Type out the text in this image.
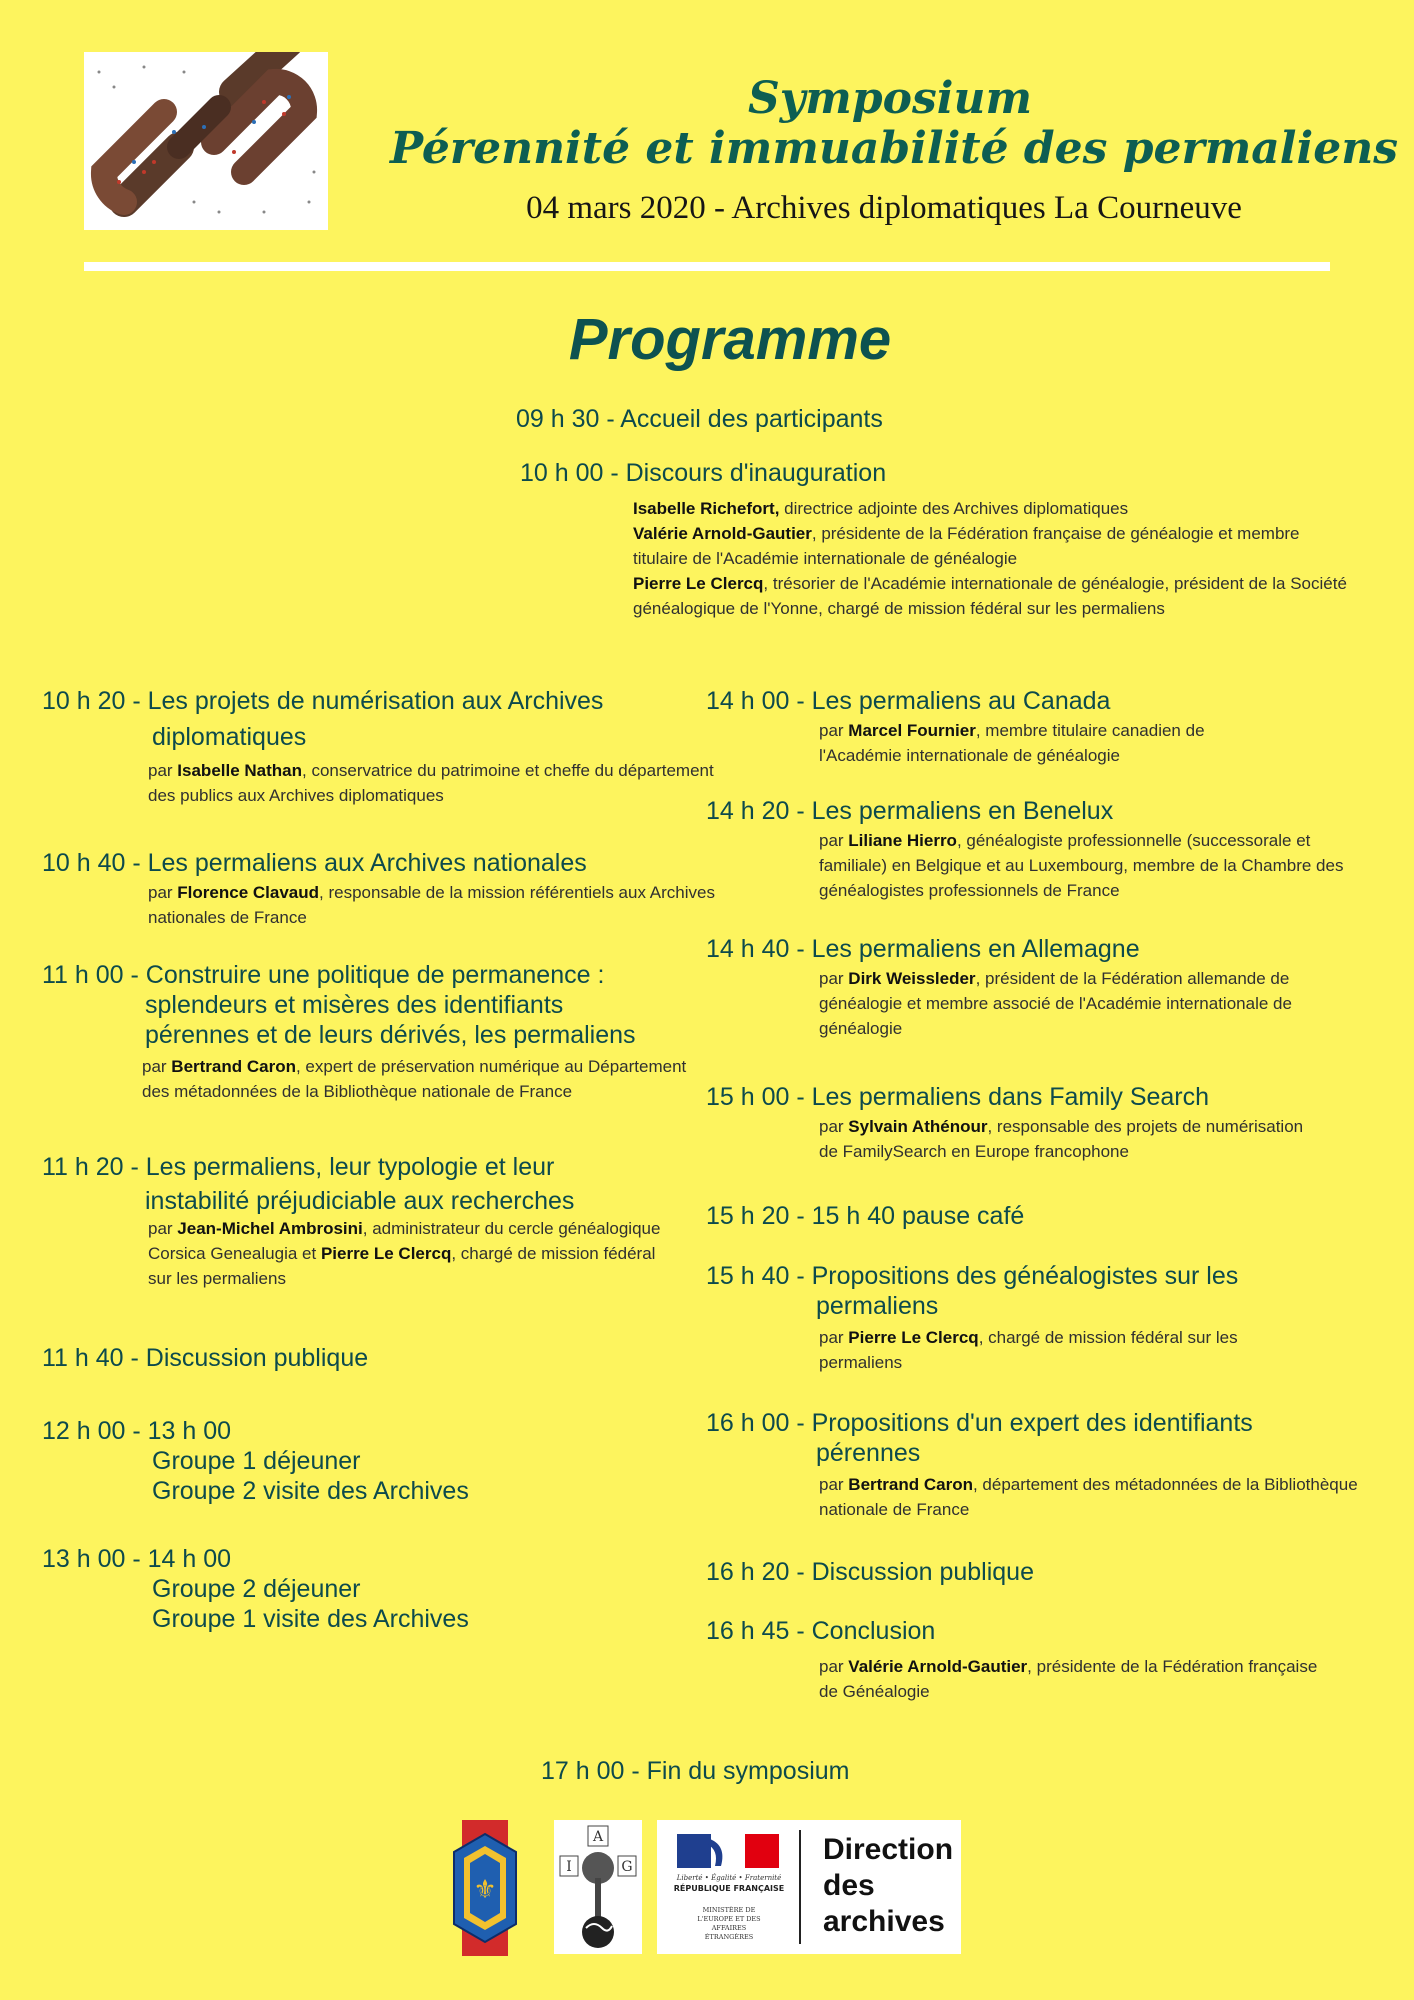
Symposium
Pérennité et immuabilité des permaliens
04 mars 2020 - Archives diplomatiques La Courneuve
Programme
09 h 30 - Accueil des participants
10 h 00 - Discours d'inauguration
Isabelle Richefort, directrice adjointe des Archives diplomatiques
Valérie Arnold-Gautier, présidente de la Fédération française de généalogie et membre titulaire de l'Académie internationale de généalogie
Pierre Le Clercq, trésorier de l'Académie internationale de généalogie, président de la Société généalogique de l'Yonne, chargé de mission fédéral sur les permaliens
10 h 20 - Les projets de numérisation aux Archives
diplomatiques
par Isabelle Nathan, conservatrice du patrimoine et cheffe du département des publics aux Archives diplomatiques
10 h 40 - Les permaliens aux Archives nationales
par Florence Clavaud, responsable de la mission référentiels aux Archives nationales de France
11 h 00 - Construire une politique de permanence :
splendeurs et misères des identifiants
pérennes et de leurs dérivés, les permaliens
par Bertrand Caron, expert de préservation numérique au Département des métadonnées de la Bibliothèque nationale de France
11 h 20 - Les permaliens, leur typologie et leur
instabilité préjudiciable aux recherches
par Jean-Michel Ambrosini, administrateur du cercle généalogique Corsica Genealugia et Pierre Le Clercq, chargé de mission fédéral sur les permaliens
11 h 40 - Discussion publique
12 h 00 - 13 h 00
Groupe 1 déjeuner
Groupe 2 visite des Archives
13 h 00 - 14 h 00
Groupe 2 déjeuner
Groupe 1 visite des Archives
14 h 00 - Les permaliens au Canada
par Marcel Fournier, membre titulaire canadien de l'Académie internationale de généalogie
14 h 20 - Les permaliens en Benelux
par Liliane Hierro, généalogiste professionnelle (successorale et familiale) en Belgique et au Luxembourg, membre de la Chambre des généalogistes professionnels de France
14 h 40 - Les permaliens en Allemagne
par Dirk Weissleder, président de la Fédération allemande de généalogie et membre associé de l'Académie internationale de généalogie
15 h 00 - Les permaliens dans Family Search
par Sylvain Athénour, responsable des projets de numérisation de FamilySearch en Europe francophone
15 h 20 - 15 h 40 pause café
15 h 40 - Propositions des généalogistes sur les
permaliens
par Pierre Le Clercq, chargé de mission fédéral sur les permaliens
16 h 00 - Propositions d'un expert des identifiants
pérennes
par Bertrand Caron, département des métadonnées de la Bibliothèque nationale de France
16 h 20 - Discussion publique
16 h 45 - Conclusion
par Valérie Arnold-Gautier, présidente de la Fédération française de Généalogie
17 h 00 - Fin du symposium
⚜
A
I	G
Liberté • Égalité • Fraternité
RÉPUBLIQUE FRANÇAISE
MINISTÈRE DE L'EUROPE ET DES AFFAIRES ÉTRANGÈRES
Direction
des
archives
